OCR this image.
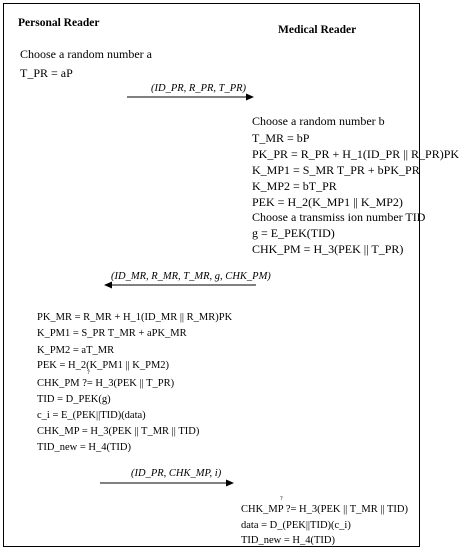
Personal Reader
Medical Reader
Choose a random number a
T_PR = aP
(ID_PR, R_PR, T_PR)
Choose a random number b
T_MR = bP
PK_PR = R_PR + H_1(ID_PR || R_PR)PK
K_MP1 = S_MR T_PR + bPK_PR
K_MP2 = bT_PR
PEK = H_2(K_MP1 || K_MP2)
Choose a transmiss ion number TID
g = E_PEK(TID)
CHK_PM = H_3(PEK || T_PR)
(ID_MR, R_MR, T_MR, g, CHK_PM)
PK_MR = R_MR + H_1(ID_MR || R_MR)PK
K_PM1 = S_PR T_MR + aPK_MR
K_PM2 = aT_MR
PEK = H_2(K_PM1 || K_PM2)
?
CHK_PM ?= H_3(PEK || T_PR)
TID = D_PEK(g)
c_i = E_(PEK||TID)(data)
CHK_MP = H_3(PEK || T_MR || TID)
TID_new = H_4(TID)
(ID_PR, CHK_MP, i)
?
CHK_MP ?= H_3(PEK || T_MR || TID)
data = D_(PEK||TID)(c_i)
TID_new = H_4(TID)
